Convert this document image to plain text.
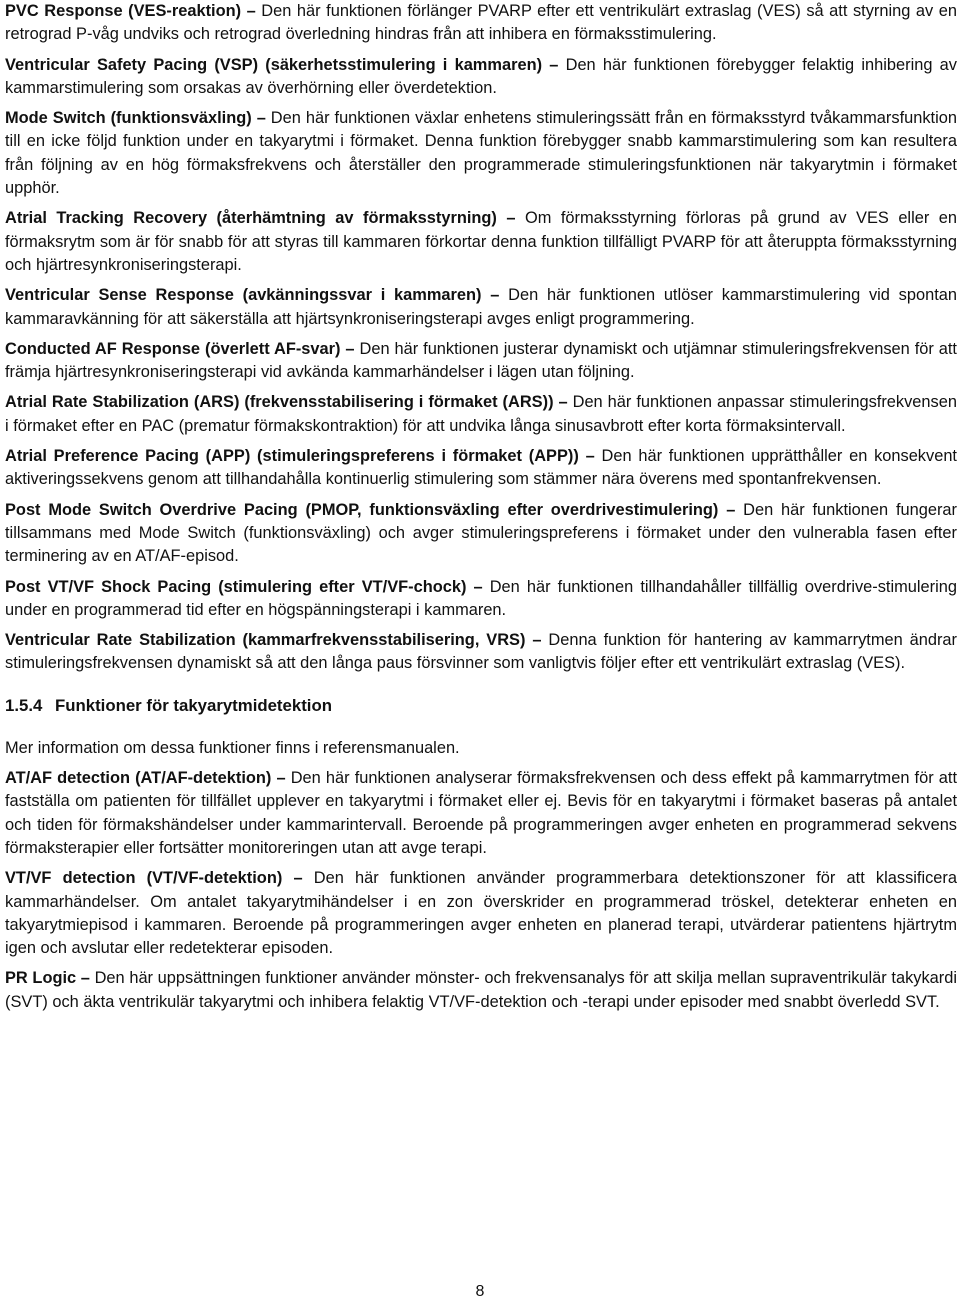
PVC Response (VES-reaktion) – Den här funktionen förlänger PVARP efter ett ventrikulärt extraslag (VES) så att styrning av en retrograd P-våg undviks och retrograd överledning hindras från att inhibera en förmaksstimulering.

Ventricular Safety Pacing (VSP) (säkerhetsstimulering i kammaren) – Den här funktionen förebygger felaktig inhibering av kammarstimulering som orsakas av överhörning eller överdetektion.

Mode Switch (funktionsväxling) – Den här funktionen växlar enhetens stimuleringssätt från en förmaksstyrd tvåkammarsfunktion till en icke följd funktion under en takyarytmi i förmaket. Denna funktion förebygger snabb kammarstimulering som kan resultera från följning av en hög förmaksfrekvens och återställer den programmerade stimuleringsfunktionen när takyarytmin i förmaket upphör.

Atrial Tracking Recovery (återhämtning av förmaksstyrning) – Om förmaksstyrning förloras på grund av VES eller en förmaksrytm som är för snabb för att styras till kammaren förkortar denna funktion tillfälligt PVARP för att återuppta förmaksstyrning och hjärtresynkroniseringsterapi.

Ventricular Sense Response (avkänningssvar i kammaren) – Den här funktionen utlöser kammarstimulering vid spontan kammaravkänning för att säkerställa att hjärtsynkroniseringsterapi avges enligt programmering.

Conducted AF Response (överlett AF-svar) – Den här funktionen justerar dynamiskt och utjämnar stimuleringsfrekvensen för att främja hjärtresynkroniseringsterapi vid avkända kammarhändelser i lägen utan följning.

Atrial Rate Stabilization (ARS) (frekvensstabilisering i förmaket (ARS)) – Den här funktionen anpassar stimuleringsfrekvensen i förmaket efter en PAC (prematur förmakskontraktion) för att undvika långa sinusavbrott efter korta förmaksintervall.

Atrial Preference Pacing (APP) (stimuleringspreferens i förmaket (APP)) – Den här funktionen upprätthåller en konsekvent aktiveringssekvens genom att tillhandahålla kontinuerlig stimulering som stämmer nära överens med spontanfrekvensen.

Post Mode Switch Overdrive Pacing (PMOP, funktionsväxling efter overdrivestimulering) – Den här funktionen fungerar tillsammans med Mode Switch (funktionsväxling) och avger stimuleringspreferens i förmaket under den vulnerabla fasen efter terminering av en AT/AF-episod.

Post VT/VF Shock Pacing (stimulering efter VT/VF-chock) – Den här funktionen tillhandahåller tillfällig overdrive-stimulering under en programmerad tid efter en högspänningsterapi i kammaren.

Ventricular Rate Stabilization (kammarfrekvensstabilisering, VRS) – Denna funktion för hantering av kammarrytmen ändrar stimuleringsfrekvensen dynamiskt så att den långa paus försvinner som vanligtvis följer efter ett ventrikulärt extraslag (VES).

1.5.4 Funktioner för takyarytmidetektion

Mer information om dessa funktioner finns i referensmanualen.

AT/AF detection (AT/AF-detektion) – Den här funktionen analyserar förmaksfrekvensen och dess effekt på kammarrytmen för att fastställa om patienten för tillfället upplever en takyarytmi i förmaket eller ej. Bevis för en takyarytmi i förmaket baseras på antalet och tiden för förmakshändelser under kammarintervall. Beroende på programmeringen avger enheten en programmerad sekvens förmaksterapier eller fortsätter monitoreringen utan att avge terapi.

VT/VF detection (VT/VF-detektion) – Den här funktionen använder programmerbara detektionszoner för att klassificera kammarhändelser. Om antalet takyarytmihändelser i en zon överskrider en programmerad tröskel, detekterar enheten en takyarytmiepisod i kammaren. Beroende på programmeringen avger enheten en planerad terapi, utvärderar patientens hjärtrytm igen och avslutar eller redetekterar episoden.

PR Logic – Den här uppsättningen funktioner använder mönster- och frekvensanalys för att skilja mellan supraventrikulär takykardi (SVT) och äkta ventrikulär takyarytmi och inhibera felaktig VT/VF-detektion och -terapi under episoder med snabbt överledd SVT.

8
